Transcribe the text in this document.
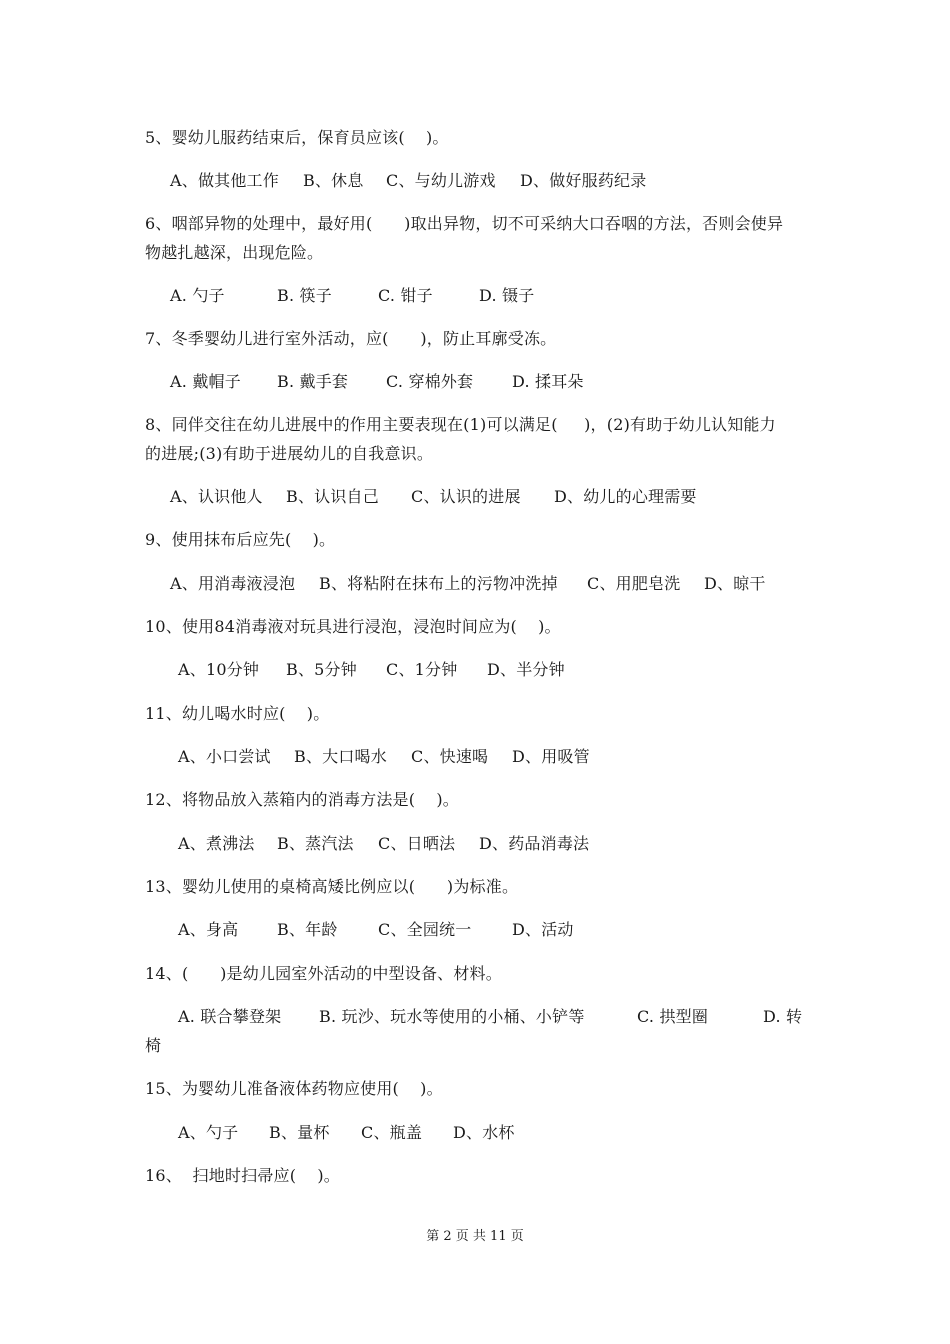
5、婴幼儿服药结束后，保育员应该(    )。
A、做其他工作 B、休息 C、与幼儿游戏 D、做好服药纪录
6、咽部异物的处理中，最好用(      )取出异物，切不可采纳大口吞咽的方法，否则会使异
物越扎越深，出现危险。
A. 勺子	B. 筷子	C. 钳子	D. 镊子
7、冬季婴幼儿进行室外活动，应(      )，防止耳廓受冻。
A. 戴帽子 B. 戴手套 C. 穿棉外套 D. 揉耳朵
8、同伴交往在幼儿进展中的作用主要表现在(1)可以满足(     )，(2)有助于幼儿认知能力
的进展;(3)有助于进展幼儿的自我意识。
A、认识他人 B、认识自己 C、认识的进展 D、幼儿的心理需要
9、使用抹布后应先(    )。
A、用消毒液浸泡 B、将粘附在抹布上的污物冲洗掉 C、用肥皂洗 D、晾干
10、使用84消毒液对玩具进行浸泡，浸泡时间应为(    )。
A、10分钟 B、5分钟 C、1分钟 D、半分钟
11、幼儿喝水时应(    )。
A、小口尝试 B、大口喝水 C、快速喝 D、用吸管
12、将物品放入蒸箱内的消毒方法是(    )。
A、煮沸法 B、蒸汽法 C、日晒法 D、药品消毒法
13、婴幼儿使用的桌椅高矮比例应以(      )为标准。
A、身高 B、年龄	C、全园统一	D、活动
14、(      )是幼儿园室外活动的中型设备、材料。
A. 联合攀登架 B. 玩沙、玩水等使用的小桶、小铲等	C. 拱型圈	D. 转
椅
15、为婴幼儿准备液体药物应使用(    )。
A、勺子 B、量杯 C、瓶盖 D、水杯
16、  扫地时扫帚应(    )。
第 2 页 共 11 页
